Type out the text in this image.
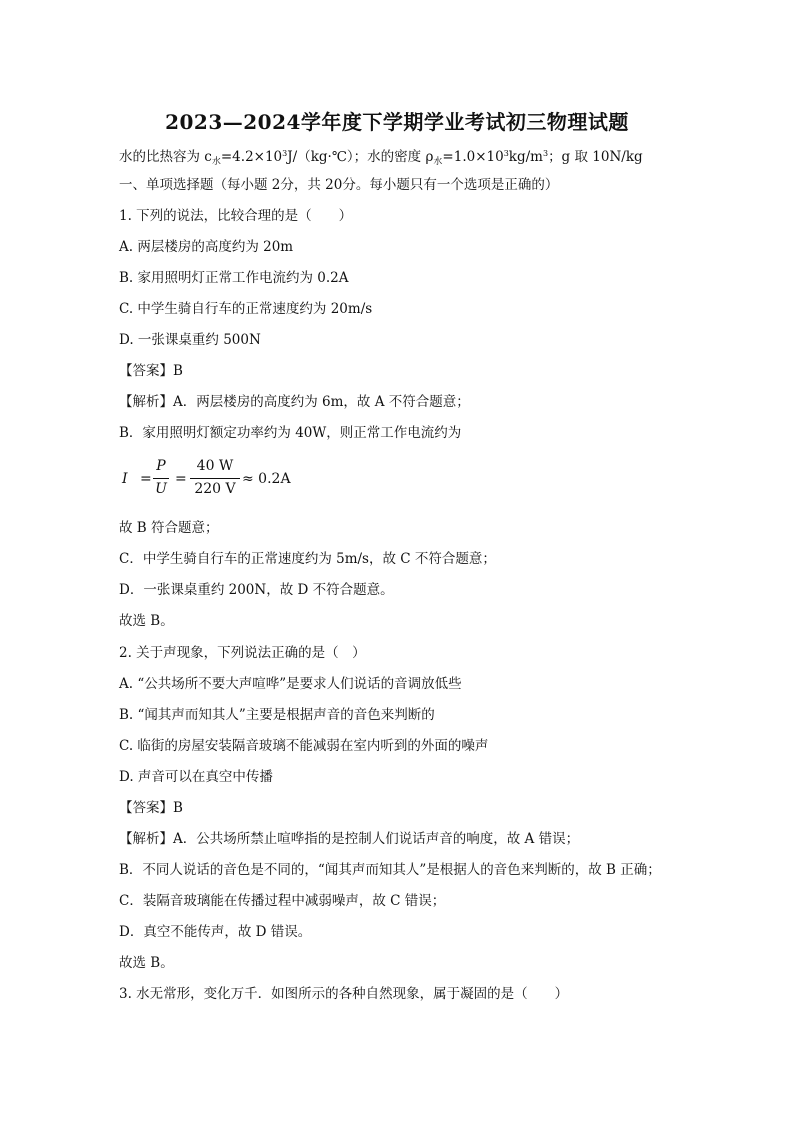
2023—2024学年度下学期学业考试初三物理试题
水的比热容为 $c_水=4.2\times 10^3J/(kg\cdot℃)$；水的密度 $\rho_水=1.0\times 10^3kg/m^3$；g 取 10N/kg
一、单项选择题（每小题 2分，共 20分。每小题只有一个选项是正确的）
1. 下列的说法，比较合理的是（　　）
A. 两层楼房的高度约为 20m
B. 家用照明灯正常工作电流约为 0.2A
C. 中学生骑自行车的正常速度约为 20m/s
D. 一张课桌重约 500N
【答案】B
【解析】A．两层楼房的高度约为 6m，故 A 不符合题意；
B．家用照明灯额定功率约为 40W，则正常工作电流约为
I =
P
U
=
40 W
220 V
≈ 0.2A
故 B 符合题意；
C．中学生骑自行车的正常速度约为 5m/s，故 C 不符合题意；
D．一张课桌重约 200N，故 D 不符合题意。
故选 B。
2. 关于声现象，下列说法正确的是（　）
A. “公共场所不要大声喧哗”是要求人们说话的音调放低些
B. “闻其声而知其人”主要是根据声音的音色来判断的
C. 临街的房屋安装隔音玻璃不能减弱在室内听到的外面的噪声
D. 声音可以在真空中传播
【答案】B
【解析】A．公共场所禁止喧哗指的是控制人们说话声音的响度，故 A 错误；
B．不同人说话的音色是不同的，“闻其声而知其人”是根据人的音色来判断的，故 B 正确；
C．装隔音玻璃能在传播过程中减弱噪声，故 C 错误；
D．真空不能传声，故 D 错误。
故选 B。
3. 水无常形，变化万千．如图所示的各种自然现象，属于凝固的是（　　）
